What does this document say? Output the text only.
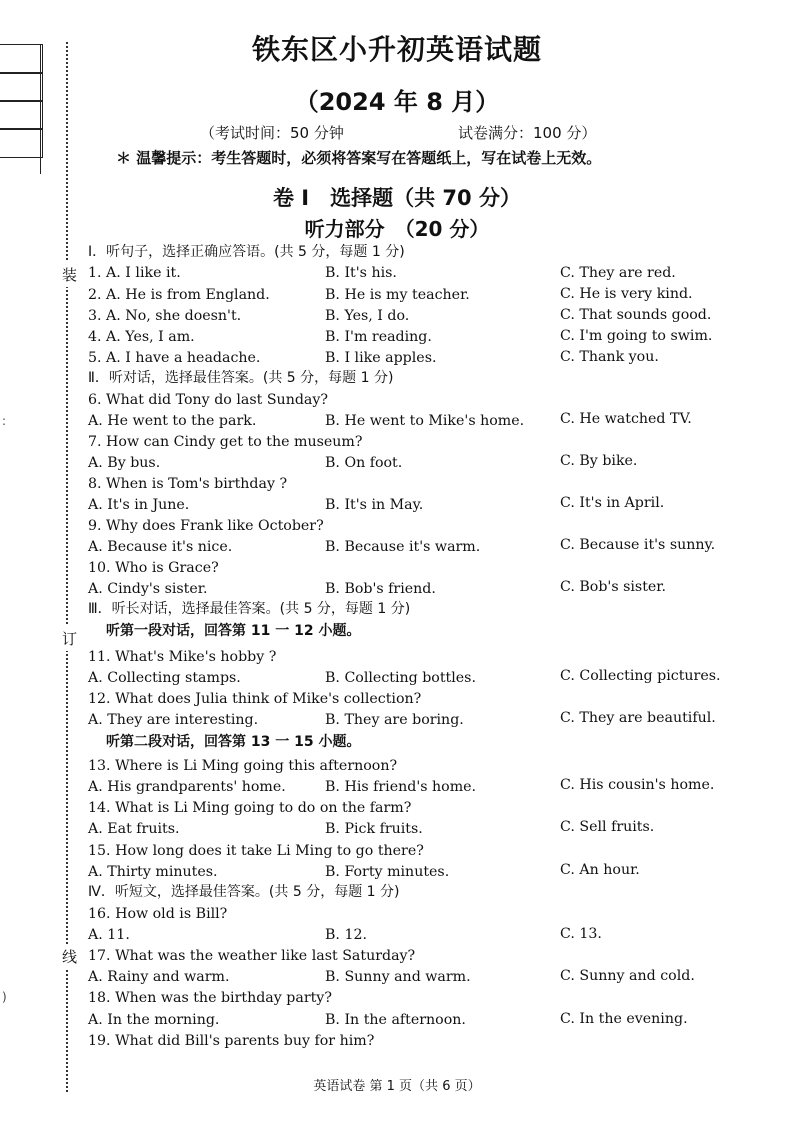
装
订
线
:
)
铁东区小升初英语试题
（2024 年 8 月）
（考试时间：50 分钟	试卷满分：100 分）
＊ 温馨提示：考生答题时，必须将答案写在答题纸上，写在试卷上无效。
卷 I　选择题（共 70 分）
听力部分　（20 分）
I．听句子，选择正确应答语。(共 5 分，每题 1 分)
1. A. I like it.	B. It's his.	C. They are red.
2. A. He is from England.	B. He is my teacher.	C. He is very kind.
3. A. No, she doesn't.	B. Yes, I do.	C. That sounds good.
4. A. Yes, I am.	B. I'm reading.	C. I'm going to swim.
5. A. I have a headache.	B. I like apples.	C. Thank you.
Ⅱ．听对话，选择最佳答案。(共 5 分，每题 1 分)
6. What did Tony do last Sunday?
A. He went to the park.	B. He went to Mike's home.	C. He watched TV.
7. How can Cindy get to the museum?
A. By bus.	B. On foot.	C. By bike.
8. When is Tom's birthday ?
A. It's in June.	B. It's in May.	C. It's in April.
9. Why does Frank like October?
A. Because it's nice.	B. Because it's warm.	C. Because it's sunny.
10. Who is Grace?
A. Cindy's sister.	B. Bob's friend.	C. Bob's sister.
Ⅲ．听长对话，选择最佳答案。(共 5 分，每题 1 分)
听第一段对话，回答第 11 一 12 小题。
11. What's Mike's hobby ?
A. Collecting stamps.	B. Collecting bottles.	C. Collecting pictures.
12. What does Julia think of Mike's collection?
A. They are interesting.	B. They are boring.	C. They are beautiful.
听第二段对话，回答第 13 一 15 小题。
13. Where is Li Ming going this afternoon?
A. His grandparents' home.	B. His friend's home.	C. His cousin's home.
14. What is Li Ming going to do on the farm?
A. Eat fruits.	B. Pick fruits.	C. Sell fruits.
15. How long does it take Li Ming to go there?
A. Thirty minutes.	B. Forty minutes.	C. An hour.
Ⅳ．听短文，选择最佳答案。(共 5 分，每题 1 分)
16. How old is Bill?
A. 11.	B. 12.	C. 13.
17. What was the weather like last Saturday?
A. Rainy and warm.	B. Sunny and warm.	C. Sunny and cold.
18. When was the birthday party?
A. In the morning.	B. In the afternoon.	C. In the evening.
19. What did Bill's parents buy for him?
英语试卷 第 1 页（共 6 页）
